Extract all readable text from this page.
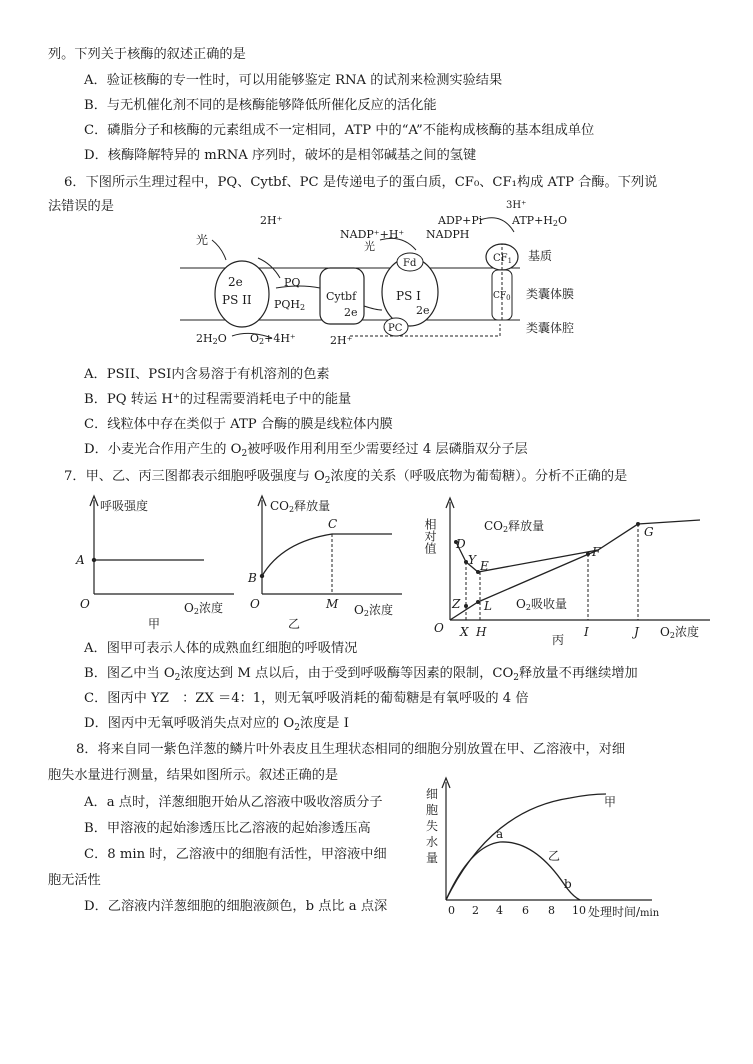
列。下列关于核酶的叙述正确的是
A．验证核酶的专一性时，可以用能够鉴定 RNA 的试剂来检测实验结果
B．与无机催化剂不同的是核酶能够降低所催化反应的活化能
C．磷脂分子和核酶的元素组成不一定相同，ATP 中的“A”不能构成核酶的基本组成单位
D．核酶降解特异的 mRNA 序列时，破坏的是相邻碱基之间的氢键
6．下图所示生理过程中，PQ、Cytbf、PC 是传递电子的蛋白质，CF₀、CF₁构成 ATP 合酶。下列说
法错误的是
2e
PS II	Cytbf	PS I
Fd
2e
PC
$CF_1$
$CF_0$
光
2H⁺
PQ
PQH2	2e
NADP⁺+H⁺
光
NADPH
3H⁺
ADP+Pi	ATP+H2O
基质
类囊体膜
类囊体腔
2H2O O2+4H⁺	2H⁺
A．PSII、PSI内含易溶于有机溶剂的色素
B．PQ 转运 H⁺的过程需要消耗电子中的能量
C．线粒体中存在类似于 ATP 合酶的膜是线粒体内膜
D．小麦光合作用产生的 $O_2$被呼吸作用利用至少需要经过 4 层磷脂双分子层
7．甲、乙、丙三图都表示细胞呼吸强度与 $O_2$浓度的关系（呼吸底物为葡萄糖）。分析不正确的是
呼吸强度
A
O	O2浓度
甲
CO2释放量
B
C
O	M O2浓度
乙
相对值	CO2释放量
O2吸收量
D
Y E
F
G
Z L
O X H	I	J O2浓度
丙
A．图甲可表示人体的成熟血红细胞的呼吸情况
B．图乙中当 $O_2$浓度达到 M 点以后，由于受到呼吸酶等因素的限制，$CO_2$释放量不再继续增加
C．图丙中 YZ　：ZX ＝4：1，则无氧呼吸消耗的葡萄糖是有氧呼吸的 4 倍
D．图丙中无氧呼吸消失点对应的 $O_2$浓度是 I
8．将来自同一紫色洋葱的鳞片叶外表皮且生理状态相同的细胞分别放置在甲、乙溶液中，对细
胞失水量进行测量，结果如图所示。叙述正确的是
A．a 点时，洋葱细胞开始从乙溶液中吸收溶质分子
B．甲溶液的起始渗透压比乙溶液的起始渗透压高
C．8 min 时，乙溶液中的细胞有活性，甲溶液中细
胞无活性
D．乙溶液内洋葱细胞的细胞液颜色，b 点比 a 点深
细
胞
失
水
量
0 2 4 6 8 10 处理时间/min
甲
乙
a
b
